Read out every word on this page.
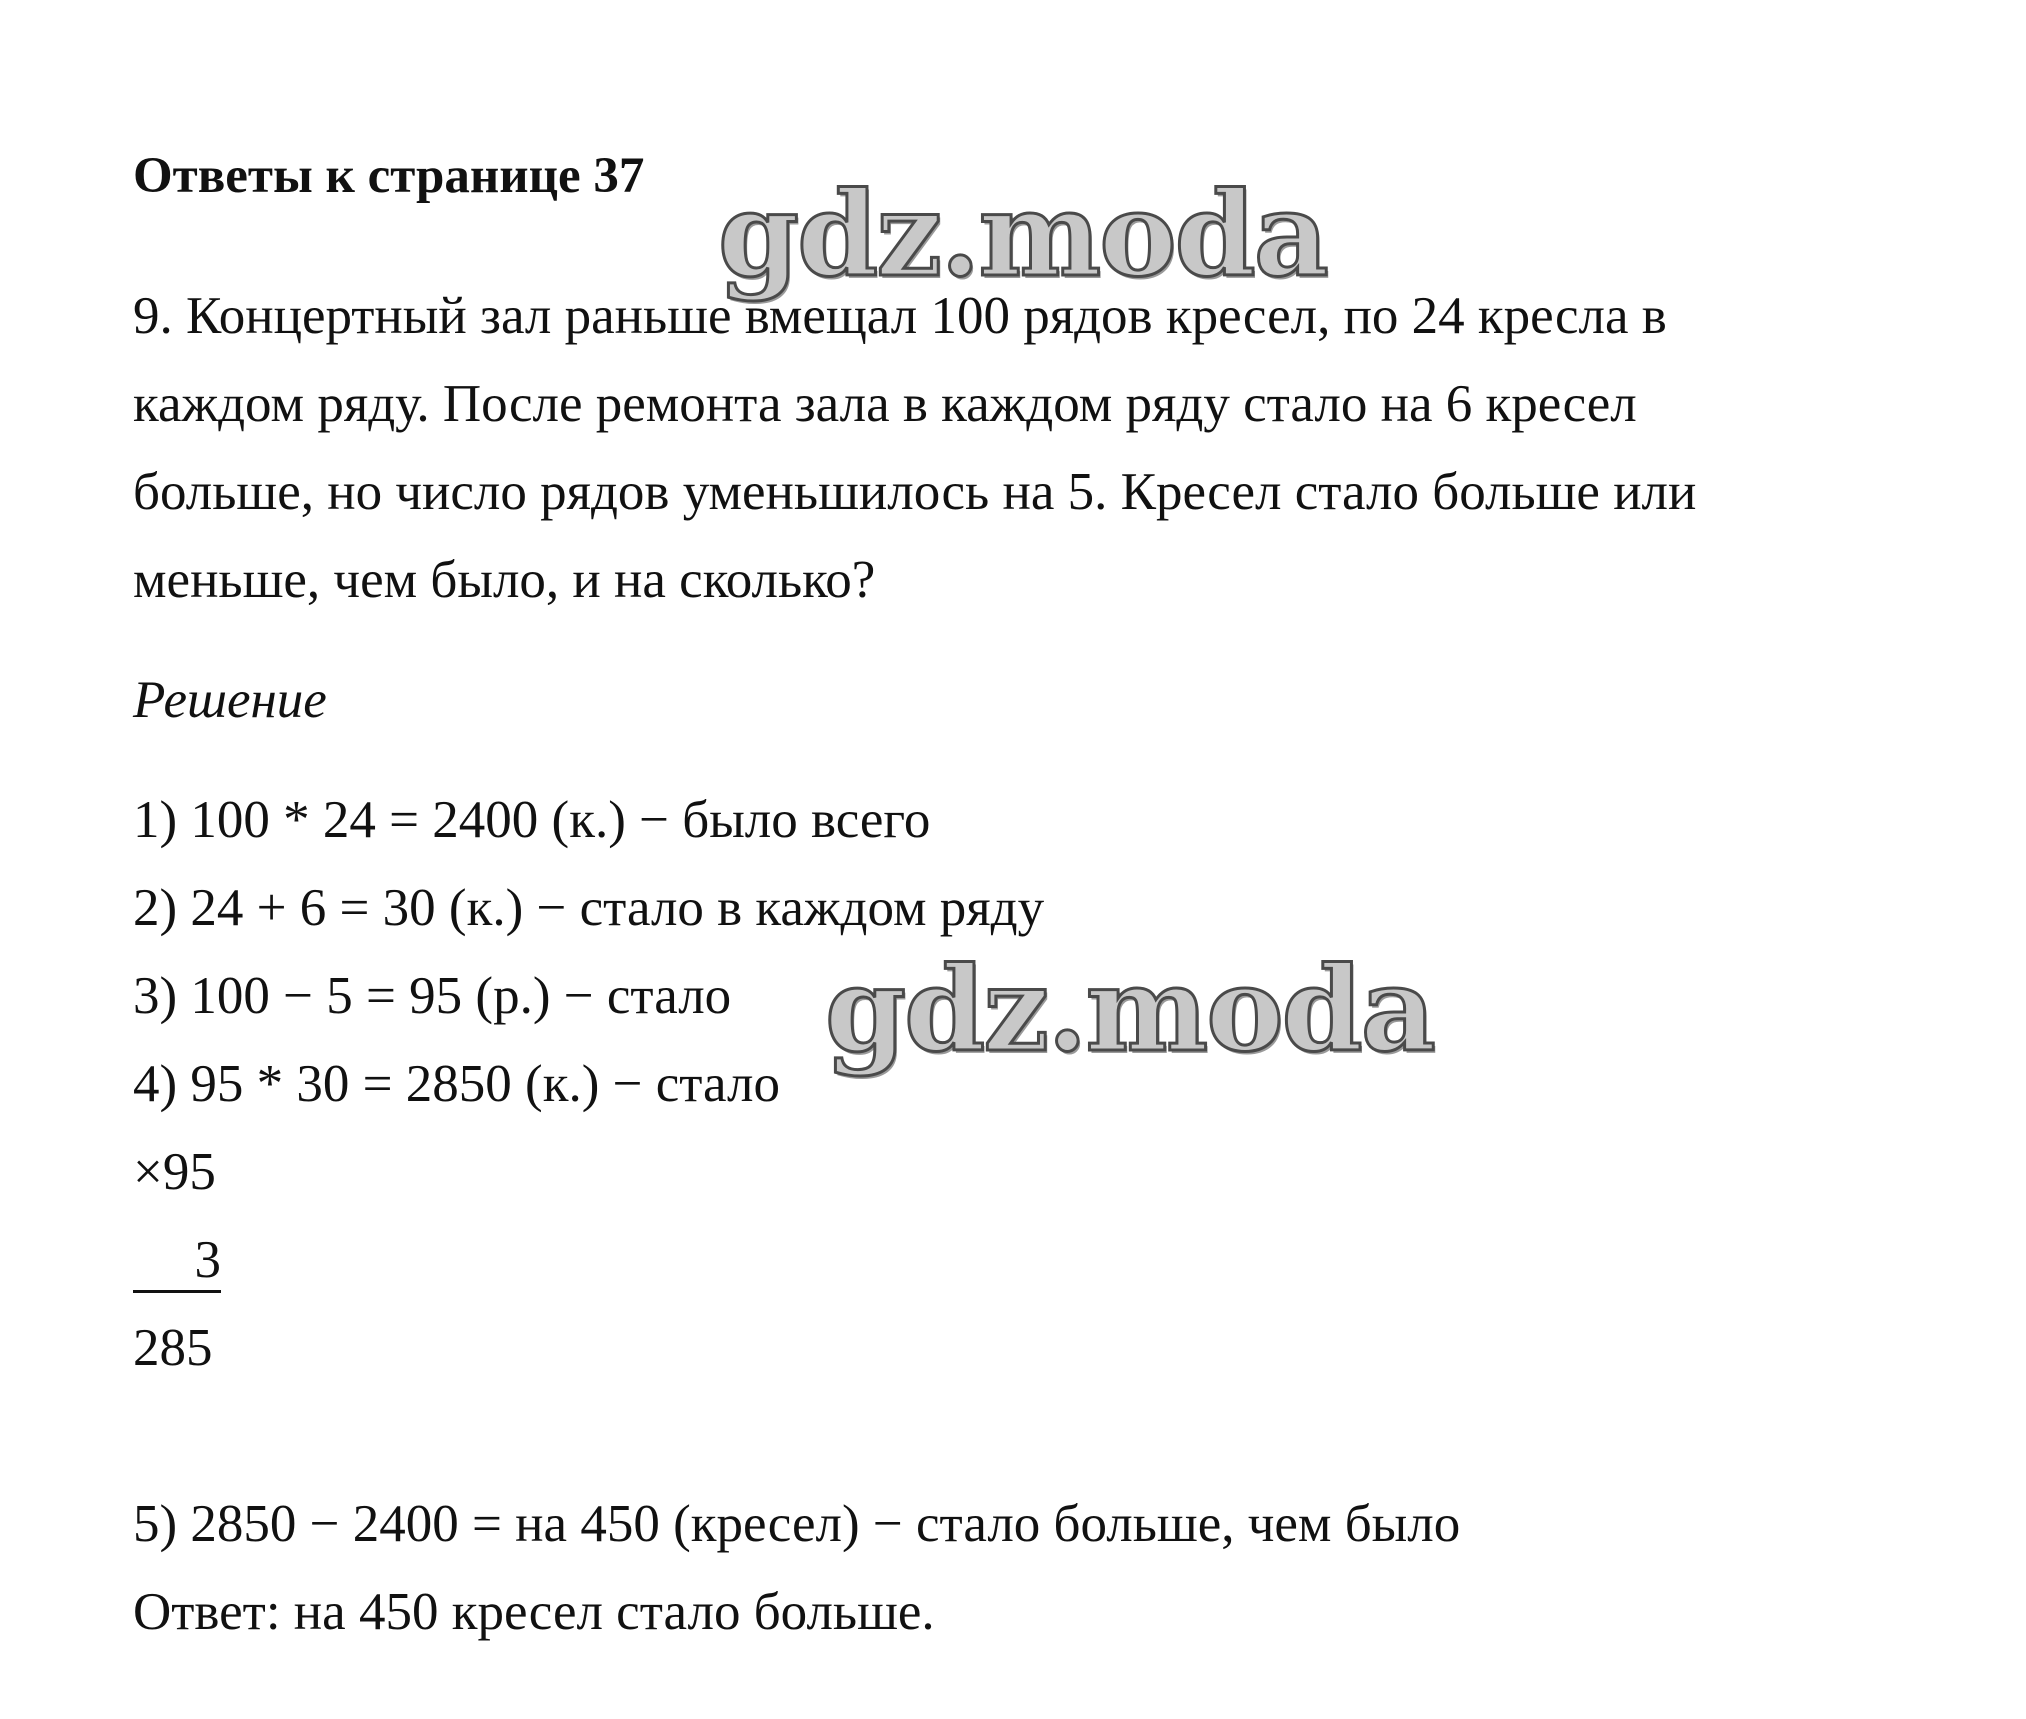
Ответы к странице 37 gdz.moda
9. Концертный зал раньше вмещал 100 рядов кресел, по 24 кресла в
каждом ряду. После ремонта зала в каждом ряду стало на 6 кресел
больше, но число рядов уменьшилось на 5. Кресел стало больше или
меньше, чем было, и на сколько?
Решение
1) 100 * 24 = 2400 (к.) − было всего
2) 24 + 6 = 30 (к.) − стало в каждом ряду
3) 100 − 5 = 95 (р.) − стало
4) 95 * 30 = 2850 (к.) − стало
gdz.moda
×95
3
285
5) 2850 − 2400 = на 450 (кресел) − стало больше, чем было
Ответ: на 450 кресел стало больше.
